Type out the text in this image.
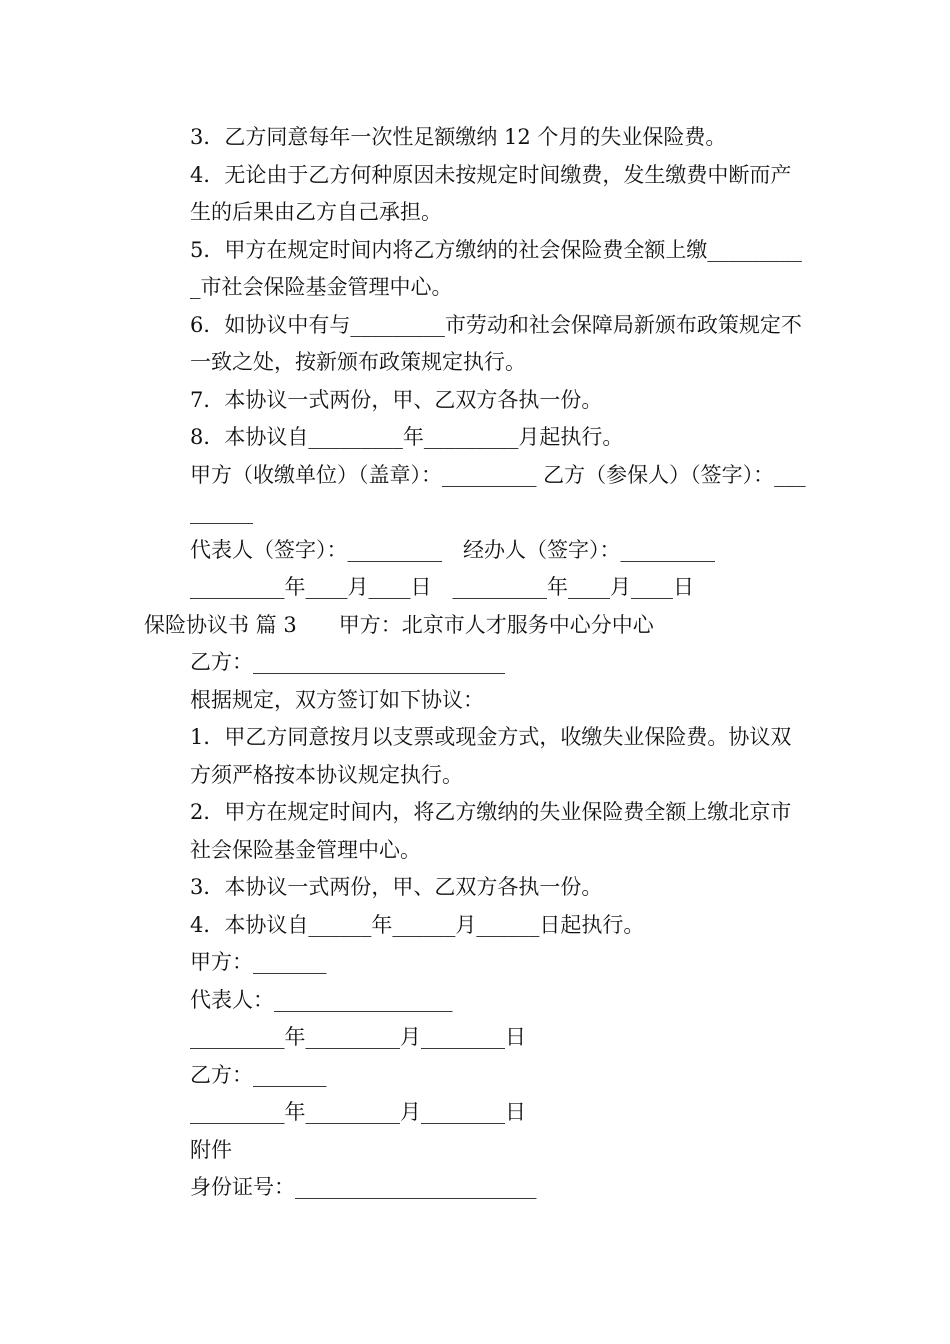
3．乙方同意每年一次性足额缴纳 12 个月的失业保险费。

4．无论由于乙方何种原因未按规定时间缴费，发生缴费中断而产生的后果由乙方自己承担。

5．甲方在规定时间内将乙方缴纳的社会保险费全额上缴__________市社会保险基金管理中心。

6．如协议中有与_________市劳动和社会保障局新颁布政策规定不一致之处，按新颁布政策规定执行。

7．本协议一式两份，甲、乙双方各执一份。

8．本协议自_________年_________月起执行。

甲方（收缴单位）（盖章）：_________ 乙方（参保人）（签字）：_________

代表人（签字）：_________　经办人（签字）：_________

_________年____月____日　_________年____月____日

保险协议书 篇 3　　甲方：北京市人才服务中心分中心

乙方：________________________

根据规定，双方签订如下协议：

1．甲乙方同意按月以支票或现金方式，收缴失业保险费。协议双方须严格按本协议规定执行。

2．甲方在规定时间内，将乙方缴纳的失业保险费全额上缴北京市社会保险基金管理中心。

3．本协议一式两份，甲、乙双方各执一份。

4．本协议自______年______月______日起执行。

甲方：_______

代表人：_________________

_________年_________月________日

乙方：_______

_________年_________月________日

附件

身份证号：_______________________
